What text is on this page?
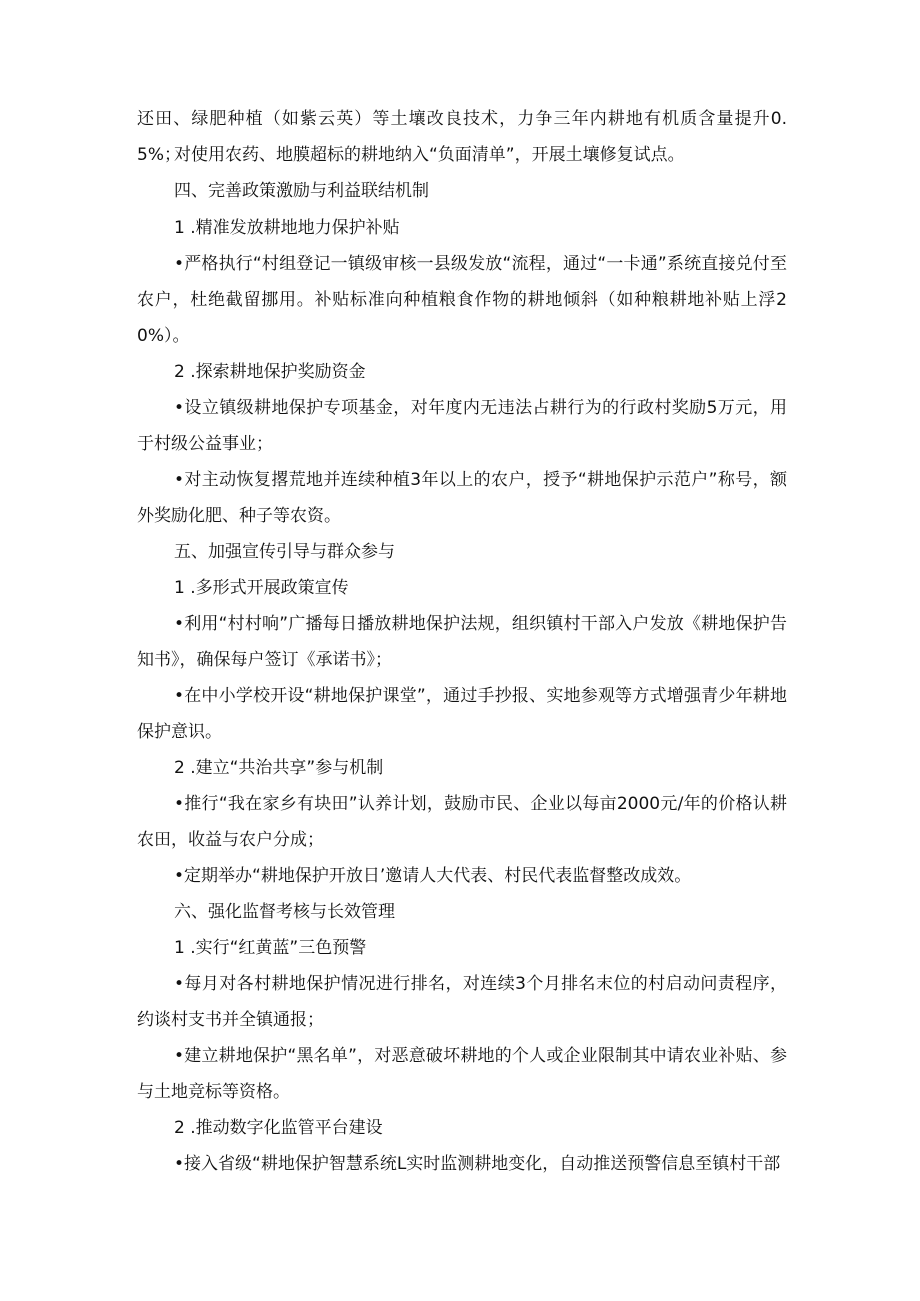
还田、绿肥种植（如紫云英）等土壤改良技术，力争三年内耕地有机质含量提升0.5%；

对使用农药、地膜超标的耕地纳入“负面清单”，开展土壤修复试点。

四、完善政策激励与利益联结机制

1 .精准发放耕地地力保护补贴

•严格执行“村组登记一镇级审核一县级发放“流程，通过“一卡通”系统直接兑付至农户，杜绝截留挪用。补贴标准向种植粮食作物的耕地倾斜（如种粮耕地补贴上浮20%）。

2 .探索耕地保护奖励资金

•设立镇级耕地保护专项基金，对年度内无违法占耕行为的行政村奖励5万元，用于村级公益事业；

•对主动恢复撂荒地并连续种植3年以上的农户，授予“耕地保护示范户”称号，额外奖励化肥、种子等农资。

五、加强宣传引导与群众参与

1 .多形式开展政策宣传

•利用“村村响”广播每日播放耕地保护法规，组织镇村干部入户发放《耕地保护告知书》，确保每户签订《承诺书》；

•在中小学校开设“耕地保护课堂”，通过手抄报、实地参观等方式增强青少年耕地保护意识。

2 .建立“共治共享”参与机制

•推行“我在家乡有块田”认养计划，鼓励市民、企业以每亩2000元/年的价格认耕农田，收益与农户分成；

•定期举办“耕地保护开放日’邀请人大代表、村民代表监督整改成效。

六、强化监督考核与长效管理

1 .实行“红黄蓝”三色预警

•每月对各村耕地保护情况进行排名，对连续3个月排名末位的村启动问责程序，约谈村支书并全镇通报；

•建立耕地保护“黑名单”，对恶意破坏耕地的个人或企业限制其中请农业补贴、参与土地竞标等资格。

2 .推动数字化监管平台建设

•接入省级“耕地保护智慧系统L实时监测耕地变化，自动推送预警信息至镇村干部
